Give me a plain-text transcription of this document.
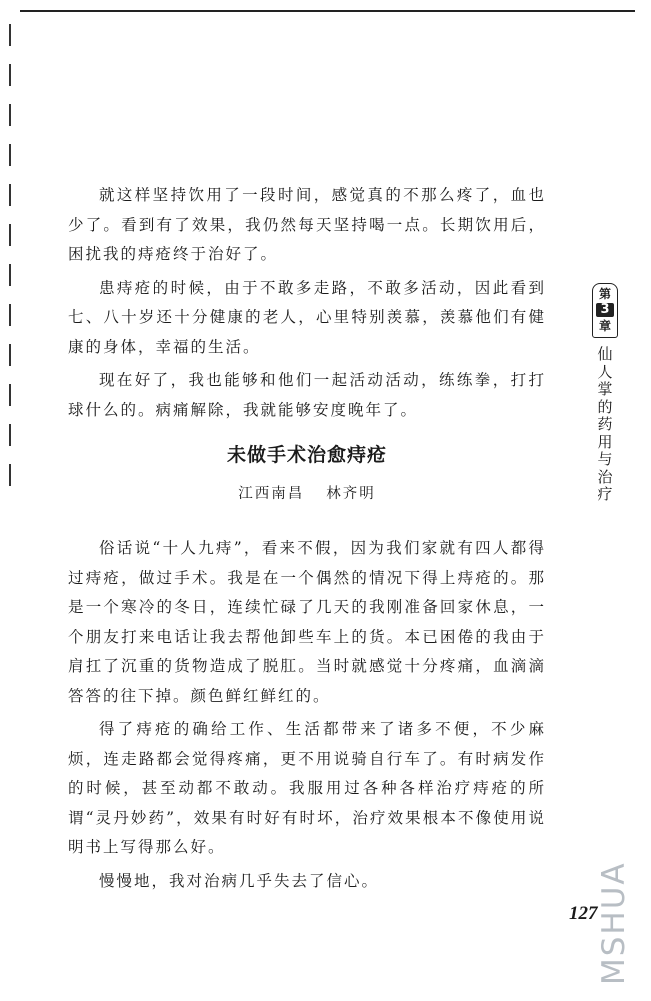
就这样坚持饮用了一段时间，感觉真的不那么疼了，血也少了。看到有了效果，我仍然每天坚持喝一点。长期饮用后，困扰我的痔疮终于治好了。

患痔疮的时候，由于不敢多走路，不敢多活动，因此看到七、八十岁还十分健康的老人，心里特别羡慕，羡慕他们有健康的身体，幸福的生活。

现在好了，我也能够和他们一起活动活动，练练拳，打打球什么的。病痛解除，我就能够安度晚年了。

未做手术治愈痔疮
江西南昌 林齐明

俗话说“十人九痔”，看来不假，因为我们家就有四人都得过痔疮，做过手术。我是在一个偶然的情况下得上痔疮的。那是一个寒冷的冬日，连续忙碌了几天的我刚准备回家休息，一个朋友打来电话让我去帮他卸些车上的货。本已困倦的我由于肩扛了沉重的货物造成了脱肛。当时就感觉十分疼痛，血滴滴答答的往下掉。颜色鲜红鲜红的。

得了痔疮的确给工作、生活都带来了诸多不便，不少麻烦，连走路都会觉得疼痛，更不用说骑自行车了。有时病发作的时候，甚至动都不敢动。我服用过各种各样治疗痔疮的所谓“灵丹妙药”，效果有时好有时坏，治疗效果根本不像使用说明书上写得那么好。

慢慢地，我对治病几乎失去了信心。

第
3
章
仙人掌的药用与治疗
127
MSHUA
